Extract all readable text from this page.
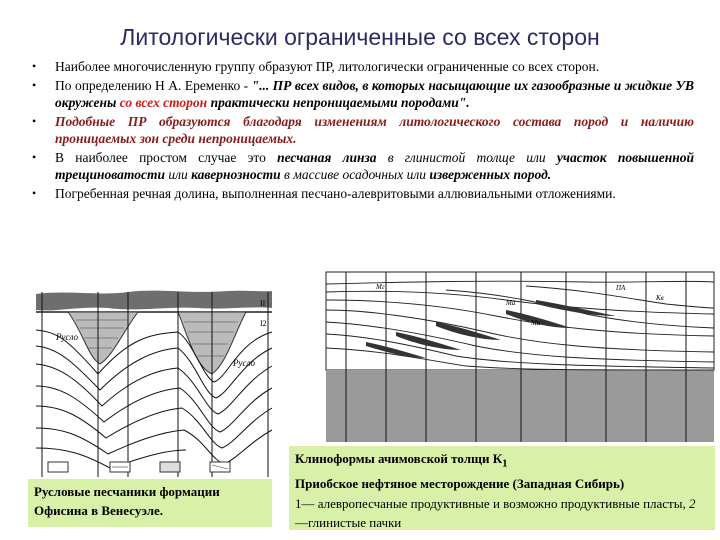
Литологически ограниченные со всех сторон
• Наиболее многочисленную группу образуют ПР, литологически ограниченные со всех сторон.
• По определению Н А. Еременко - "... ПР всех видов, в которых насыщающие их газообразные и жидкие УВ окружены со всех сторон практически непроницаемыми породами".
• Подобные ПР образуются благодаря изменениям литологического состава пород и наличию проницаемых зон среди непроницаемых.
• В наиболее простом случае это песчаная линза в глинистой толще или участок повышенной трещиноватости или кавернозности в массиве осадочных или изверженных пород.
• Погребенная речная долина, выполненная песчано-алевритовыми аллювиальными отложениями.
Русло
Русло
II
I2
Мг
Ма
Ма
ПА
Кв
Русловые песчаники формации Офисина в Венесуэле.
Клиноформы ачимовской толщи $К_1$
Приобское нефтяное месторождение (Западная Сибирь)
1— алевропесчаные продуктивные и возможно продуктивные пласты, 2 —глинистые пачки
